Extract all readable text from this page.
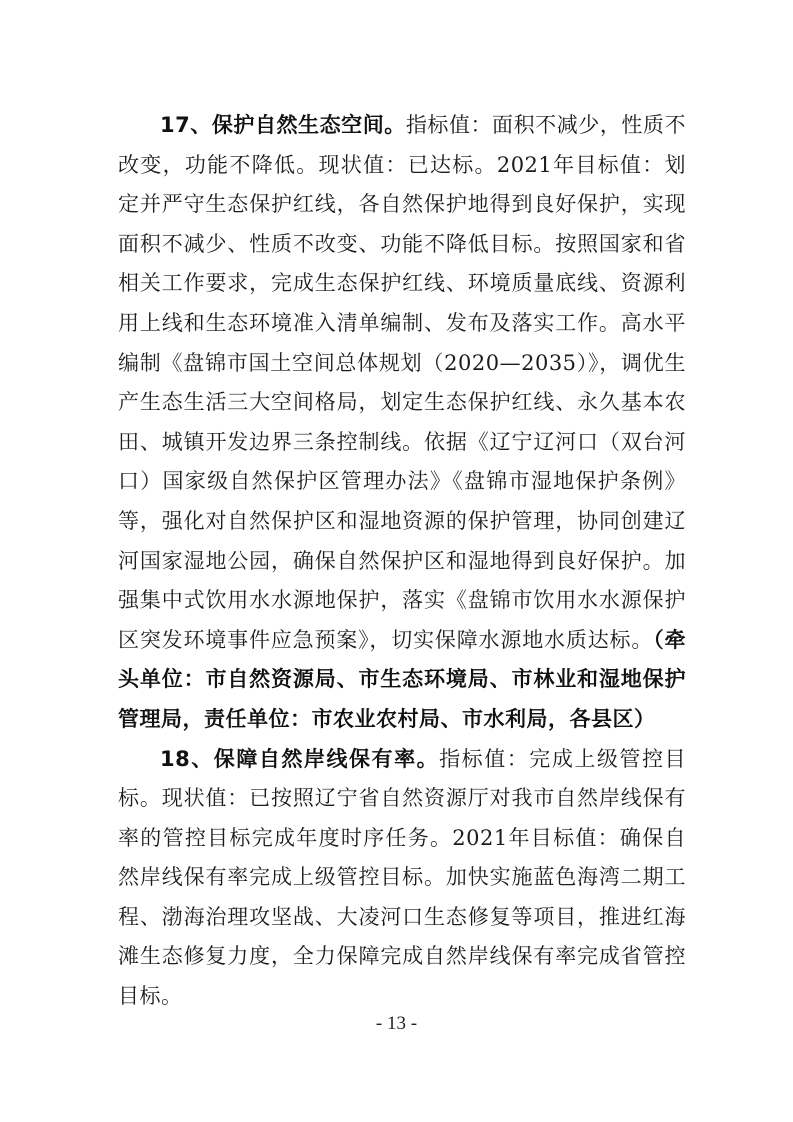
17、保护自然生态空间。指标值：面积不减少，性质不改变，功能不降低。现状值：已达标。2021年目标值：划定并严守生态保护红线，各自然保护地得到良好保护，实现面积不减少、性质不改变、功能不降低目标。按照国家和省相关工作要求，完成生态保护红线、环境质量底线、资源利用上线和生态环境准入清单编制、发布及落实工作。高水平编制《盘锦市国土空间总体规划（2020—2035）》，调优生产生态生活三大空间格局，划定生态保护红线、永久基本农田、城镇开发边界三条控制线。依据《辽宁辽河口（双台河口）国家级自然保护区管理办法》《盘锦市湿地保护条例》等，强化对自然保护区和湿地资源的保护管理，协同创建辽河国家湿地公园，确保自然保护区和湿地得到良好保护。加强集中式饮用水水源地保护，落实《盘锦市饮用水水源保护区突发环境事件应急预案》，切实保障水源地水质达标。（牵头单位：市自然资源局、市生态环境局、市林业和湿地保护管理局，责任单位：市农业农村局、市水利局，各县区）

18、保障自然岸线保有率。指标值：完成上级管控目标。现状值：已按照辽宁省自然资源厅对我市自然岸线保有率的管控目标完成年度时序任务。2021年目标值：确保自然岸线保有率完成上级管控目标。加快实施蓝色海湾二期工程、渤海治理攻坚战、大凌河口生态修复等项目，推进红海滩生态修复力度，全力保障完成自然岸线保有率完成省管控目标。

- 13 -
